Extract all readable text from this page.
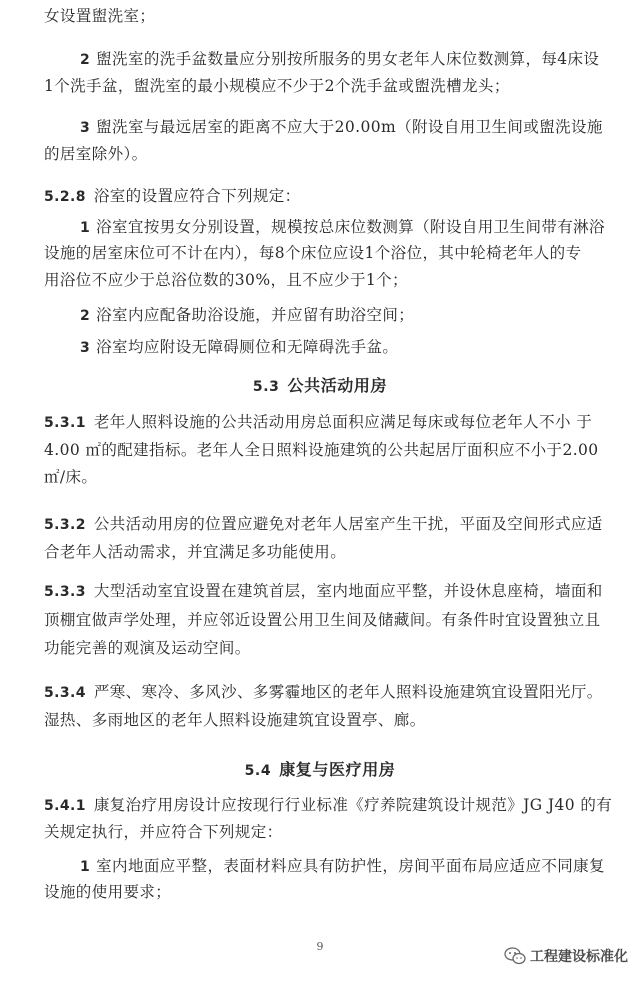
女设置盥洗室；
2 盥洗室的洗手盆数量应分别按所服务的男女老年人床位数测算，每4床设
1个洗手盆，盥洗室的最小规模应不少于2个洗手盆或盥洗槽龙头；
3 盥洗室与最远居室的距离不应大于20.00m（附设自用卫生间或盥洗设施
的居室除外）。
5.2.8 浴室的设置应符合下列规定：
1 浴室宜按男女分别设置，规模按总床位数测算（附设自用卫生间带有淋浴
设施的居室床位可不计在内），每8个床位应设1个浴位，其中轮椅老年人的专
用浴位不应少于总浴位数的30%，且不应少于1个；
2 浴室内应配备助浴设施，并应留有助浴空间；
3 浴室均应附设无障碍厕位和无障碍洗手盆。
5.3 公共活动用房
5.3.1 老年人照料设施的公共活动用房总面积应满足每床或每位老年人不小 于
4.00 ㎡的配建指标。老年人全日照料设施建筑的公共起居厅面积应不小于2.00
㎡/床。
5.3.2 公共活动用房的位置应避免对老年人居室产生干扰，平面及空间形式应适
合老年人活动需求，并宜满足多功能使用。
5.3.3 大型活动室宜设置在建筑首层，室内地面应平整，并设休息座椅，墙面和
顶棚宜做声学处理，并应邻近设置公用卫生间及储藏间。有条件时宜设置独立且
功能完善的观演及运动空间。
5.3.4 严寒、寒冷、多风沙、多雾霾地区的老年人照料设施建筑宜设置阳光厅。
湿热、多雨地区的老年人照料设施建筑宜设置亭、廊。
5.4 康复与医疗用房
5.4.1 康复治疗用房设计应按现行行业标准《疗养院建筑设计规范》JG J40 的有
关规定执行，并应符合下列规定：
1 室内地面应平整，表面材料应具有防护性，房间平面布局应适应不同康复
设施的使用要求；
9
工程建设标准化
